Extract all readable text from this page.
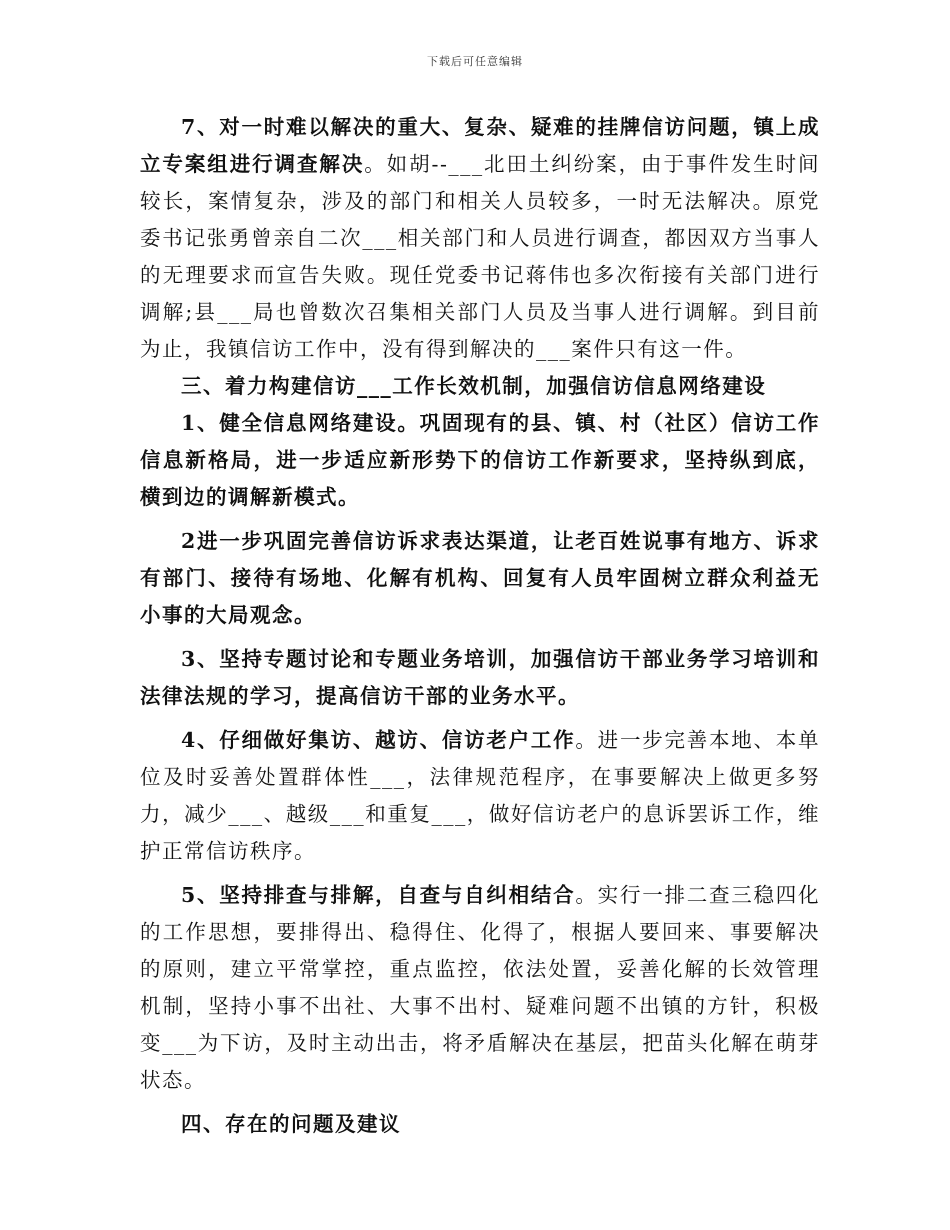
下载后可任意编辑

7、对一时难以解决的重大、复杂、疑难的挂牌信访问题，镇上成立专案组进行调查解决。如胡--___北田土纠纷案，由于事件发生时间较长，案情复杂，涉及的部门和相关人员较多，一时无法解决。原党委书记张勇曾亲自二次___相关部门和人员进行调查，都因双方当事人的无理要求而宣告失败。现任党委书记蒋伟也多次衔接有关部门进行调解;县___局也曾数次召集相关部门人员及当事人进行调解。到目前为止，我镇信访工作中，没有得到解决的___案件只有这一件。

三、着力构建信访___工作长效机制，加强信访信息网络建设

1、健全信息网络建设。巩固现有的县、镇、村（社区）信访工作信息新格局，进一步适应新形势下的信访工作新要求，坚持纵到底，横到边的调解新模式。

2进一步巩固完善信访诉求表达渠道，让老百姓说事有地方、诉求有部门、接待有场地、化解有机构、回复有人员牢固树立群众利益无小事的大局观念。

3、坚持专题讨论和专题业务培训，加强信访干部业务学习培训和法律法规的学习，提高信访干部的业务水平。

4、仔细做好集访、越访、信访老户工作。进一步完善本地、本单位及时妥善处置群体性___，法律规范程序，在事要解决上做更多努力，减少___、越级___和重复___，做好信访老户的息诉罢诉工作，维护正常信访秩序。

5、坚持排查与排解，自查与自纠相结合。实行一排二查三稳四化的工作思想，要排得出、稳得住、化得了，根据人要回来、事要解决的原则，建立平常掌控，重点监控，依法处置，妥善化解的长效管理机制，坚持小事不出社、大事不出村、疑难问题不出镇的方针，积极变___为下访，及时主动出击，将矛盾解决在基层，把苗头化解在萌芽状态。

四、存在的问题及建议
